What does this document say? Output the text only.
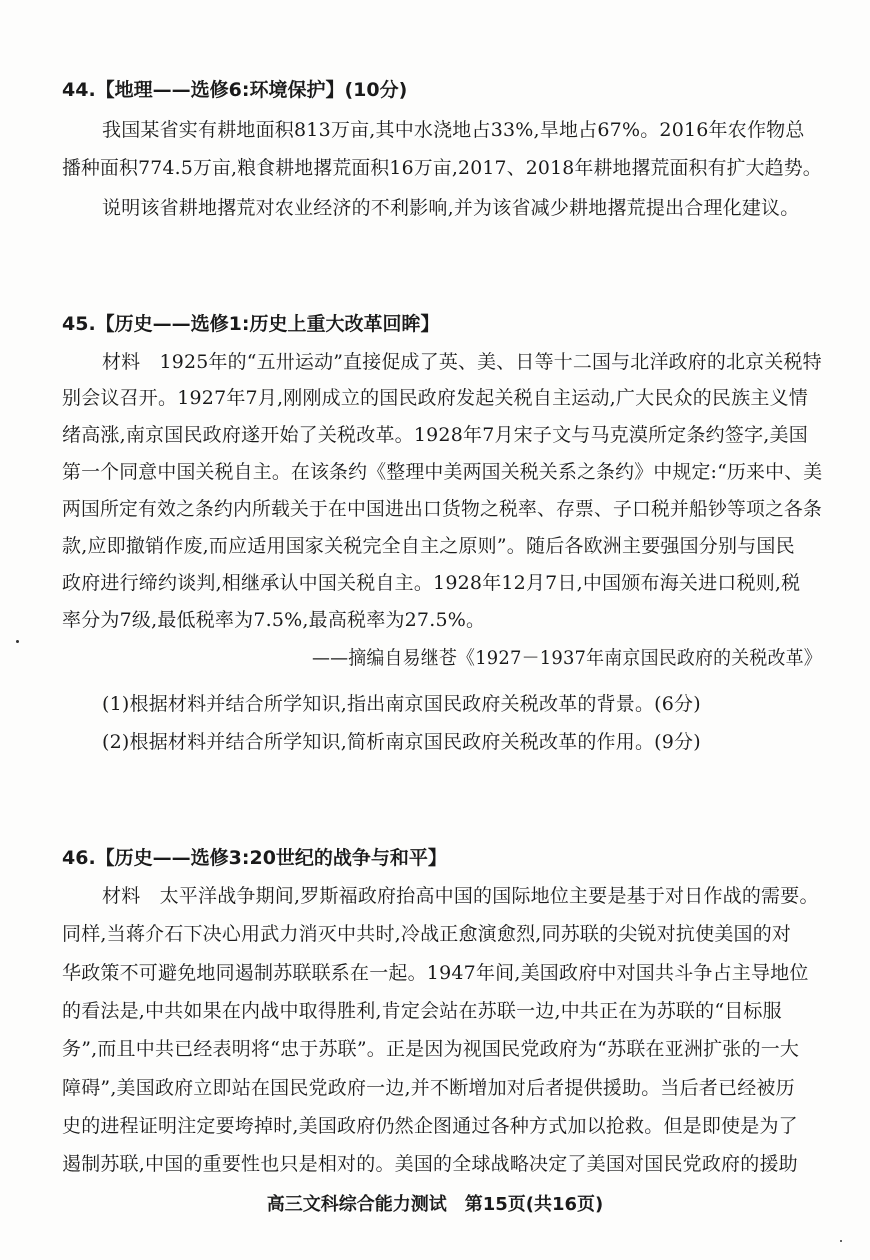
44.【地理——选修6:环境保护】(10分)
我国某省实有耕地面积813万亩,其中水浇地占33%,旱地占67%。2016年农作物总
播种面积774.5万亩,粮食耕地撂荒面积16万亩,2017、2018年耕地撂荒面积有扩大趋势。
说明该省耕地撂荒对农业经济的不利影响,并为该省减少耕地撂荒提出合理化建议。
45.【历史——选修1:历史上重大改革回眸】
材料　1925年的“五卅运动”直接促成了英、美、日等十二国与北洋政府的北京关税特
别会议召开。1927年7月,刚刚成立的国民政府发起关税自主运动,广大民众的民族主义情
绪高涨,南京国民政府遂开始了关税改革。1928年7月宋子文与马克漠所定条约签字,美国
第一个同意中国关税自主。在该条约《整理中美两国关税关系之条约》中规定:“历来中、美
两国所定有效之条约内所载关于在中国进出口货物之税率、存票、子口税并船钞等项之各条
款,应即撤销作废,而应适用国家关税完全自主之原则”。随后各欧洲主要强国分别与国民
政府进行缔约谈判,相继承认中国关税自主。1928年12月7日,中国颁布海关进口税则,税
率分为7级,最低税率为7.5%,最高税率为27.5%。
——摘编自易继苍《1927－1937年南京国民政府的关税改革》
(1)根据材料并结合所学知识,指出南京国民政府关税改革的背景。(6分)
(2)根据材料并结合所学知识,简析南京国民政府关税改革的作用。(9分)
46.【历史——选修3:20世纪的战争与和平】
材料　太平洋战争期间,罗斯福政府抬高中国的国际地位主要是基于对日作战的需要。
同样,当蒋介石下决心用武力消灭中共时,冷战正愈演愈烈,同苏联的尖锐对抗使美国的对
华政策不可避免地同遏制苏联联系在一起。1947年间,美国政府中对国共斗争占主导地位
的看法是,中共如果在内战中取得胜利,肯定会站在苏联一边,中共正在为苏联的“目标服
务”,而且中共已经表明将“忠于苏联”。正是因为视国民党政府为“苏联在亚洲扩张的一大
障碍”,美国政府立即站在国民党政府一边,并不断增加对后者提供援助。当后者已经被历
史的进程证明注定要垮掉时,美国政府仍然企图通过各种方式加以抢救。但是即使是为了
遏制苏联,中国的重要性也只是相对的。美国的全球战略决定了美国对国民党政府的援助
高三文科综合能力测试　第15页(共16页)
